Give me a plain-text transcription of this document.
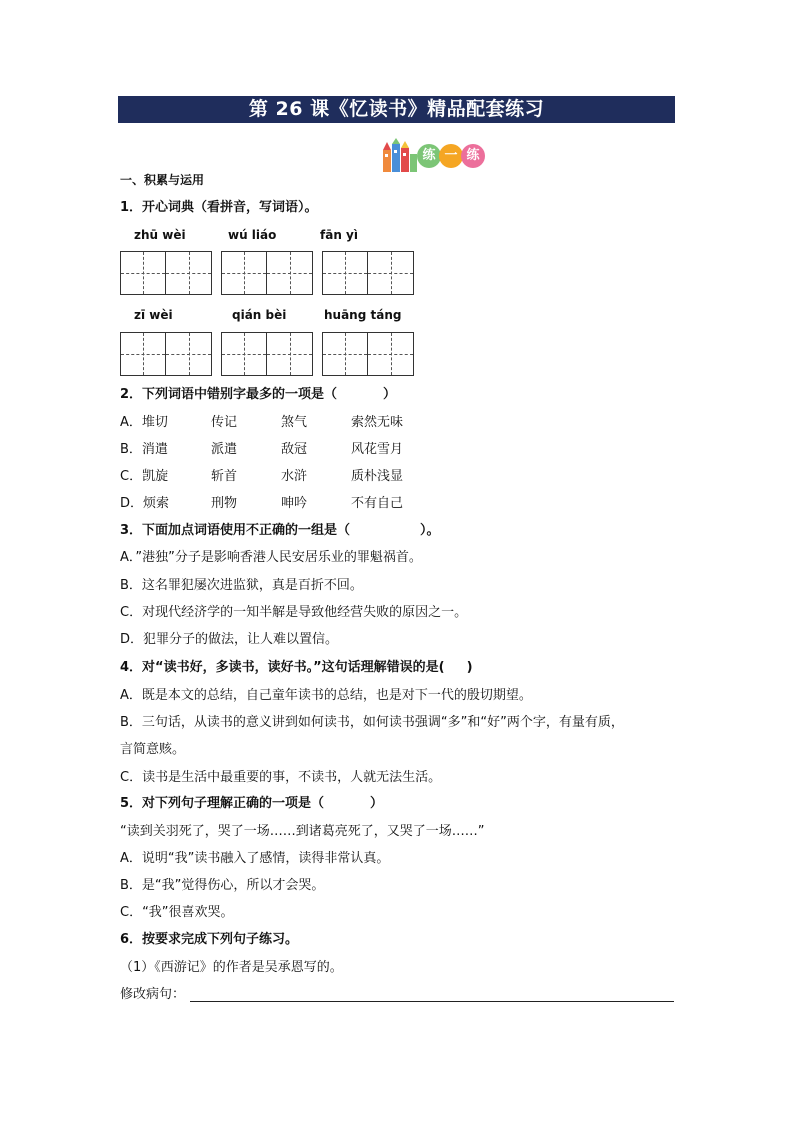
第 26 课《忆读书》精品配套练习
练 一 练
一、积累与运用
1．开心词典（看拼音，写词语）。
zhū wèi	wú liáo	fān yì
zī wèi	qián bèi	huāng táng
2．下列词语中错别字最多的一项是（	）
A．堆切	传记	煞气	索然无味
B．消遣	派遣	敌冠	风花雪月
C．凯旋	斩首	水浒	质朴浅显
D．烦索	刑物	呻吟	不有自己
3．下面加点词语使用不正确的一组是（	）。
A．”港独”分子是影响香港人民安居乐业的罪魁祸首。
B．这名罪犯屡次进监狱，真是百折不回。
C．对现代经济学的一知半解是导致他经营失败的原因之一。
D．犯罪分子的做法，让人难以置信。
4．对“读书好，多读书，读好书。”这句话理解错误的是( )
A．既是本文的总结，自己童年读书的总结，也是对下一代的殷切期望。
B．三句话，从读书的意义讲到如何读书，如何读书强调“多”和“好”两个字，有量有质，
言简意赅。
C．读书是生活中最重要的事，不读书，人就无法生活。
5．对下列句子理解正确的一项是（	）
“读到关羽死了，哭了一场……到诸葛亮死了，又哭了一场……”
A．说明“我”读书融入了感情，读得非常认真。
B．是“我”觉得伤心，所以才会哭。
C．“我”很喜欢哭。
6．按要求完成下列句子练习。
（1）《西游记》的作者是吴承恩写的。
修改病句：
